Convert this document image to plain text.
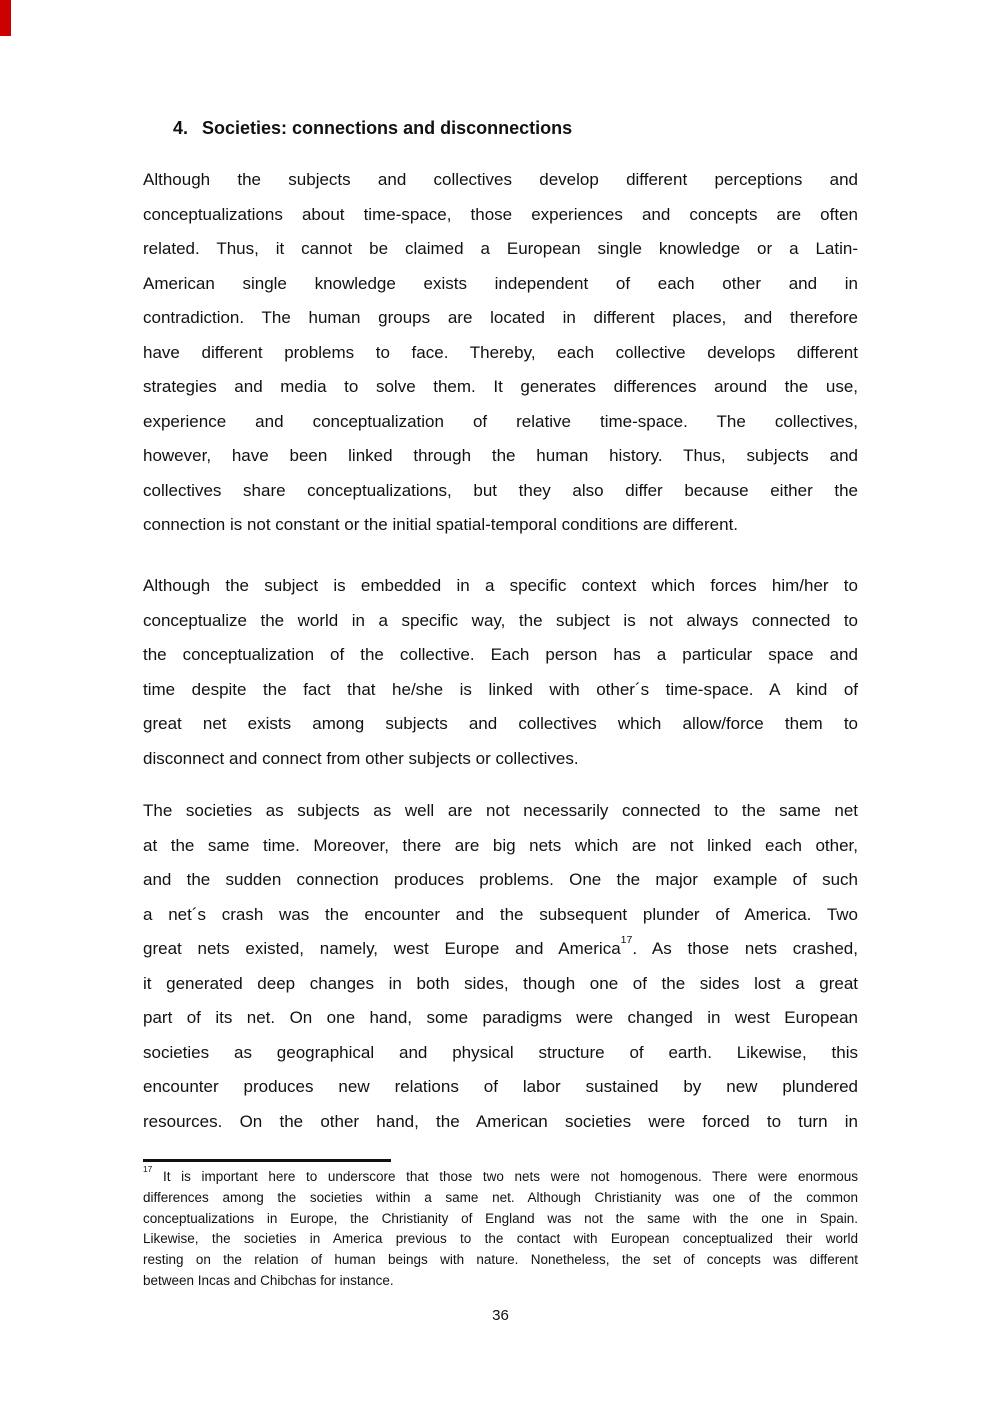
4. Societies: connections and disconnections
Although the subjects and collectives develop different perceptions and
conceptualizations about time-space, those experiences and concepts are often
related. Thus, it cannot be claimed a European single knowledge or a Latin-
American single knowledge exists independent of each other and in
contradiction. The human groups are located in different places, and therefore
have different problems to face. Thereby, each collective develops different
strategies and media to solve them. It generates differences around the use,
experience and conceptualization of relative time-space. The collectives,
however, have been linked through the human history. Thus, subjects and
collectives share conceptualizations, but they also differ because either the
connection is not constant or the initial spatial-temporal conditions are different.
Although the subject is embedded in a specific context which forces him/her to
conceptualize the world in a specific way, the subject is not always connected to
the conceptualization of the collective. Each person has a particular space and
time despite the fact that he/she is linked with other´s time-space. A kind of
great net exists among subjects and collectives which allow/force them to
disconnect and connect from other subjects or collectives.
The societies as subjects as well are not necessarily connected to the same net
at the same time. Moreover, there are big nets which are not linked each other,
and the sudden connection produces problems. One the major example of such
a net´s crash was the encounter and the subsequent plunder of America. Two
great nets existed, namely, west Europe and America$^{17}$. As those nets crashed,
it generated deep changes in both sides, though one of the sides lost a great
part of its net. On one hand, some paradigms were changed in west European
societies as geographical and physical structure of earth. Likewise, this
encounter produces new relations of labor sustained by new plundered
resources. On the other hand, the American societies were forced to turn in
$^{17}$ It is important here to underscore that those two nets were not homogenous. There were enormous
differences among the societies within a same net. Although Christianity was one of the common
conceptualizations in Europe, the Christianity of England was not the same with the one in Spain.
Likewise, the societies in America previous to the contact with European conceptualized their world
resting on the relation of human beings with nature. Nonetheless, the set of concepts was different
between Incas and Chibchas for instance.
36
